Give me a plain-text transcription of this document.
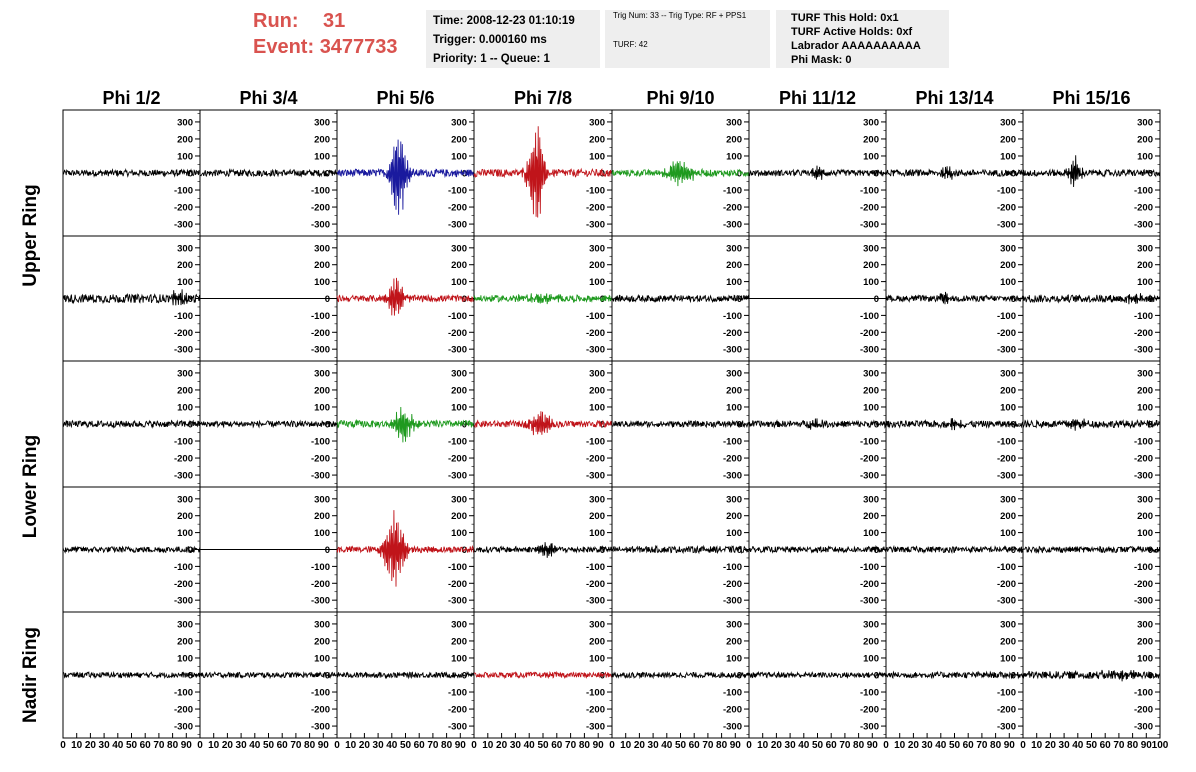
Run: 31
Event: 3477733
Time: 2008-12-23 01:10:19
Trigger: 0.000160 ms
Priority: 1 -- Queue: 1
Trig Num: 33 -- Trig Type: RF + PPS1
TURF: 42
TURF This Hold: 0x1
TURF Active Holds: 0xf
Labrador AAAAAAAAAA
Phi Mask: 0
Phi 1/2	Phi 3/4	Phi 5/6	Phi 7/8	Phi 9/10	Phi 11/12	Phi 13/14	Phi 15/16
Upper Ring
Lower Ring
Nadir Ring
300
200
100
0
-100
-200
-300
300
200
100
0
-100
-200
-300
300
200
100
0
-100
-200
-300
300
200
100
0
-100
-200
-300
300
200
100
0
-100
-200
-300
300
200
100
0
-100
-200
-300
300
200
100
0
-100
-200
-300
300
200
100
0
-100
-200
-300
300
200
100
0
-100
-200
-300
300
200
100
0
-100
-200
-300
300
200
100
0
-100
-200
-300
300
200
100
0
-100
-200
-300
300
200
100
0
-100
-200
-300
300
200
100
0
-100
-200
-300
300
200
100
0
-100
-200
-300
300
200
100
0
-100
-200
-300
300
200
100
0
-100
-200
-300
300
200
100
0
-100
-200
-300
300
200
100
0
-100
-200
-300
300
200
100
0
-100
-200
-300
300
200
100
0
-100
-200
-300
300
200
100
0
-100
-200
-300
300
200
100
0
-100
-200
-300
300
200
100
0
-100
-200
-300
300
200
100
0
-100
-200
-300
300
200
100
0
-100
-200
-300
300
200
100
0
-100
-200
-300
300
200
100
0
-100
-200
-300
300
200
100
0
-100
-200
-300
300
200
100
0
-100
-200
-300
300
200
100
0
-100
-200
-300
300
200
100
0
-100
-200
-300
300
200
100
0
-100
-200
-300
0 10 20 30 40 50 60 70 80 90
300
200
100
0
-100
-200
-300
0 10 20 30 40 50 60 70 80 90
300
200
100
0
-100
-200
-300
0 10 20 30 40 50 60 70 80 90
300
200
100
0
-100
-200
-300
0 10 20 30 40 50 60 70 80 90
300
200
100
0
-100
-200
-300
0 10 20 30 40 50 60 70 80 90
300
200
100
0
-100
-200
-300
0 10 20 30 40 50 60 70 80 90
300
200
100
0
-100
-200
-300
0 10 20 30 40 50 60 70 80 90
300
200
100
0
-100
-200
-300
0 10 20 30 40 50 60 70 80 90 100
